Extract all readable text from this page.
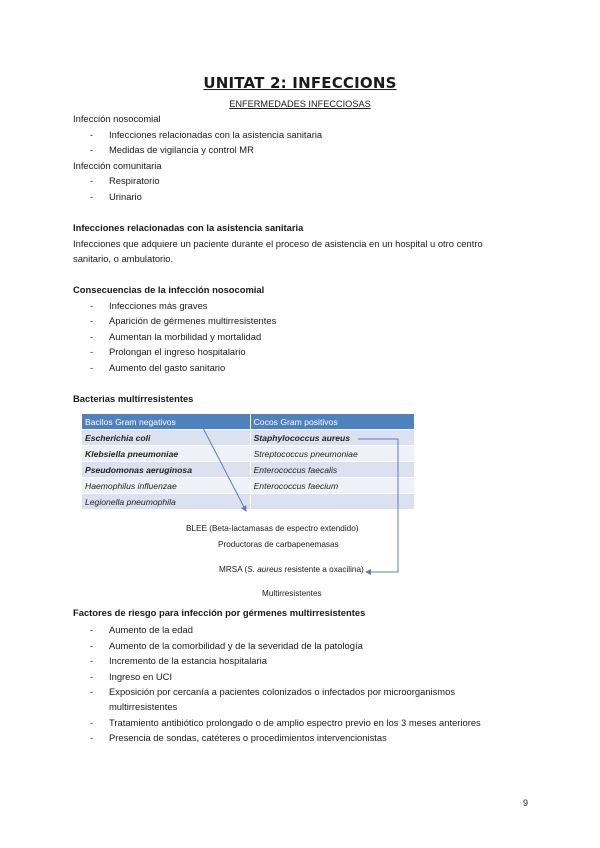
UNITAT 2: INFECCIONS
ENFERMEDADES INFECCIOSAS
Infección nosocomial
- Infecciones relacionadas con la asistencia sanitaria
- Medidas de vigilancia y control MR
Infección comunitaria
- Respiratorio
- Urinario
Infecciones relacionadas con la asistencia sanitaria
Infecciones que adquiere un paciente durante el proceso de asistencia en un hospital u otro centro
sanitario, o ambulatorio.
Consecuencias de la infección nosocomial
- Infecciones más graves
- Aparición de gérmenes multirresistentes
- Aumentan la morbilidad y mortalidad
- Prolongan el ingreso hospitalario
- Aumento del gasto sanitario
Bacterias multirresistentes
Bacilos Gram negativos	Cocos Gram positivos
Escherichia coli	Staphylococcus aureus
Klebsiella pneumoniae	Streptococcus pneumoniae
Pseudomonas aeruginosa	Enterococcus faecalis
Haemophilus influenzae	Enterococcus faecium
Legionella pneumophila	
BLEE (Beta-lactamasas de espectro extendido)
Productoras de carbapenemasas
MRSA (S. aureus resistente a oxacilina)
Multirresistentes
Factores de riesgo para infección por gérmenes multirresistentes
- Aumento de la edad
- Aumento de la comorbilidad y de la severidad de la patología
- Incremento de la estancia hospitalaria
- Ingreso en UCI
- Exposición por cercanía a pacientes colonizados o infectados por microorganismos
multirresistentes
- Tratamiento antibiótico prolongado o de amplio espectro previo en los 3 meses anteriores
- Presencia de sondas, catéteres o procedimientos intervencionistas
9
